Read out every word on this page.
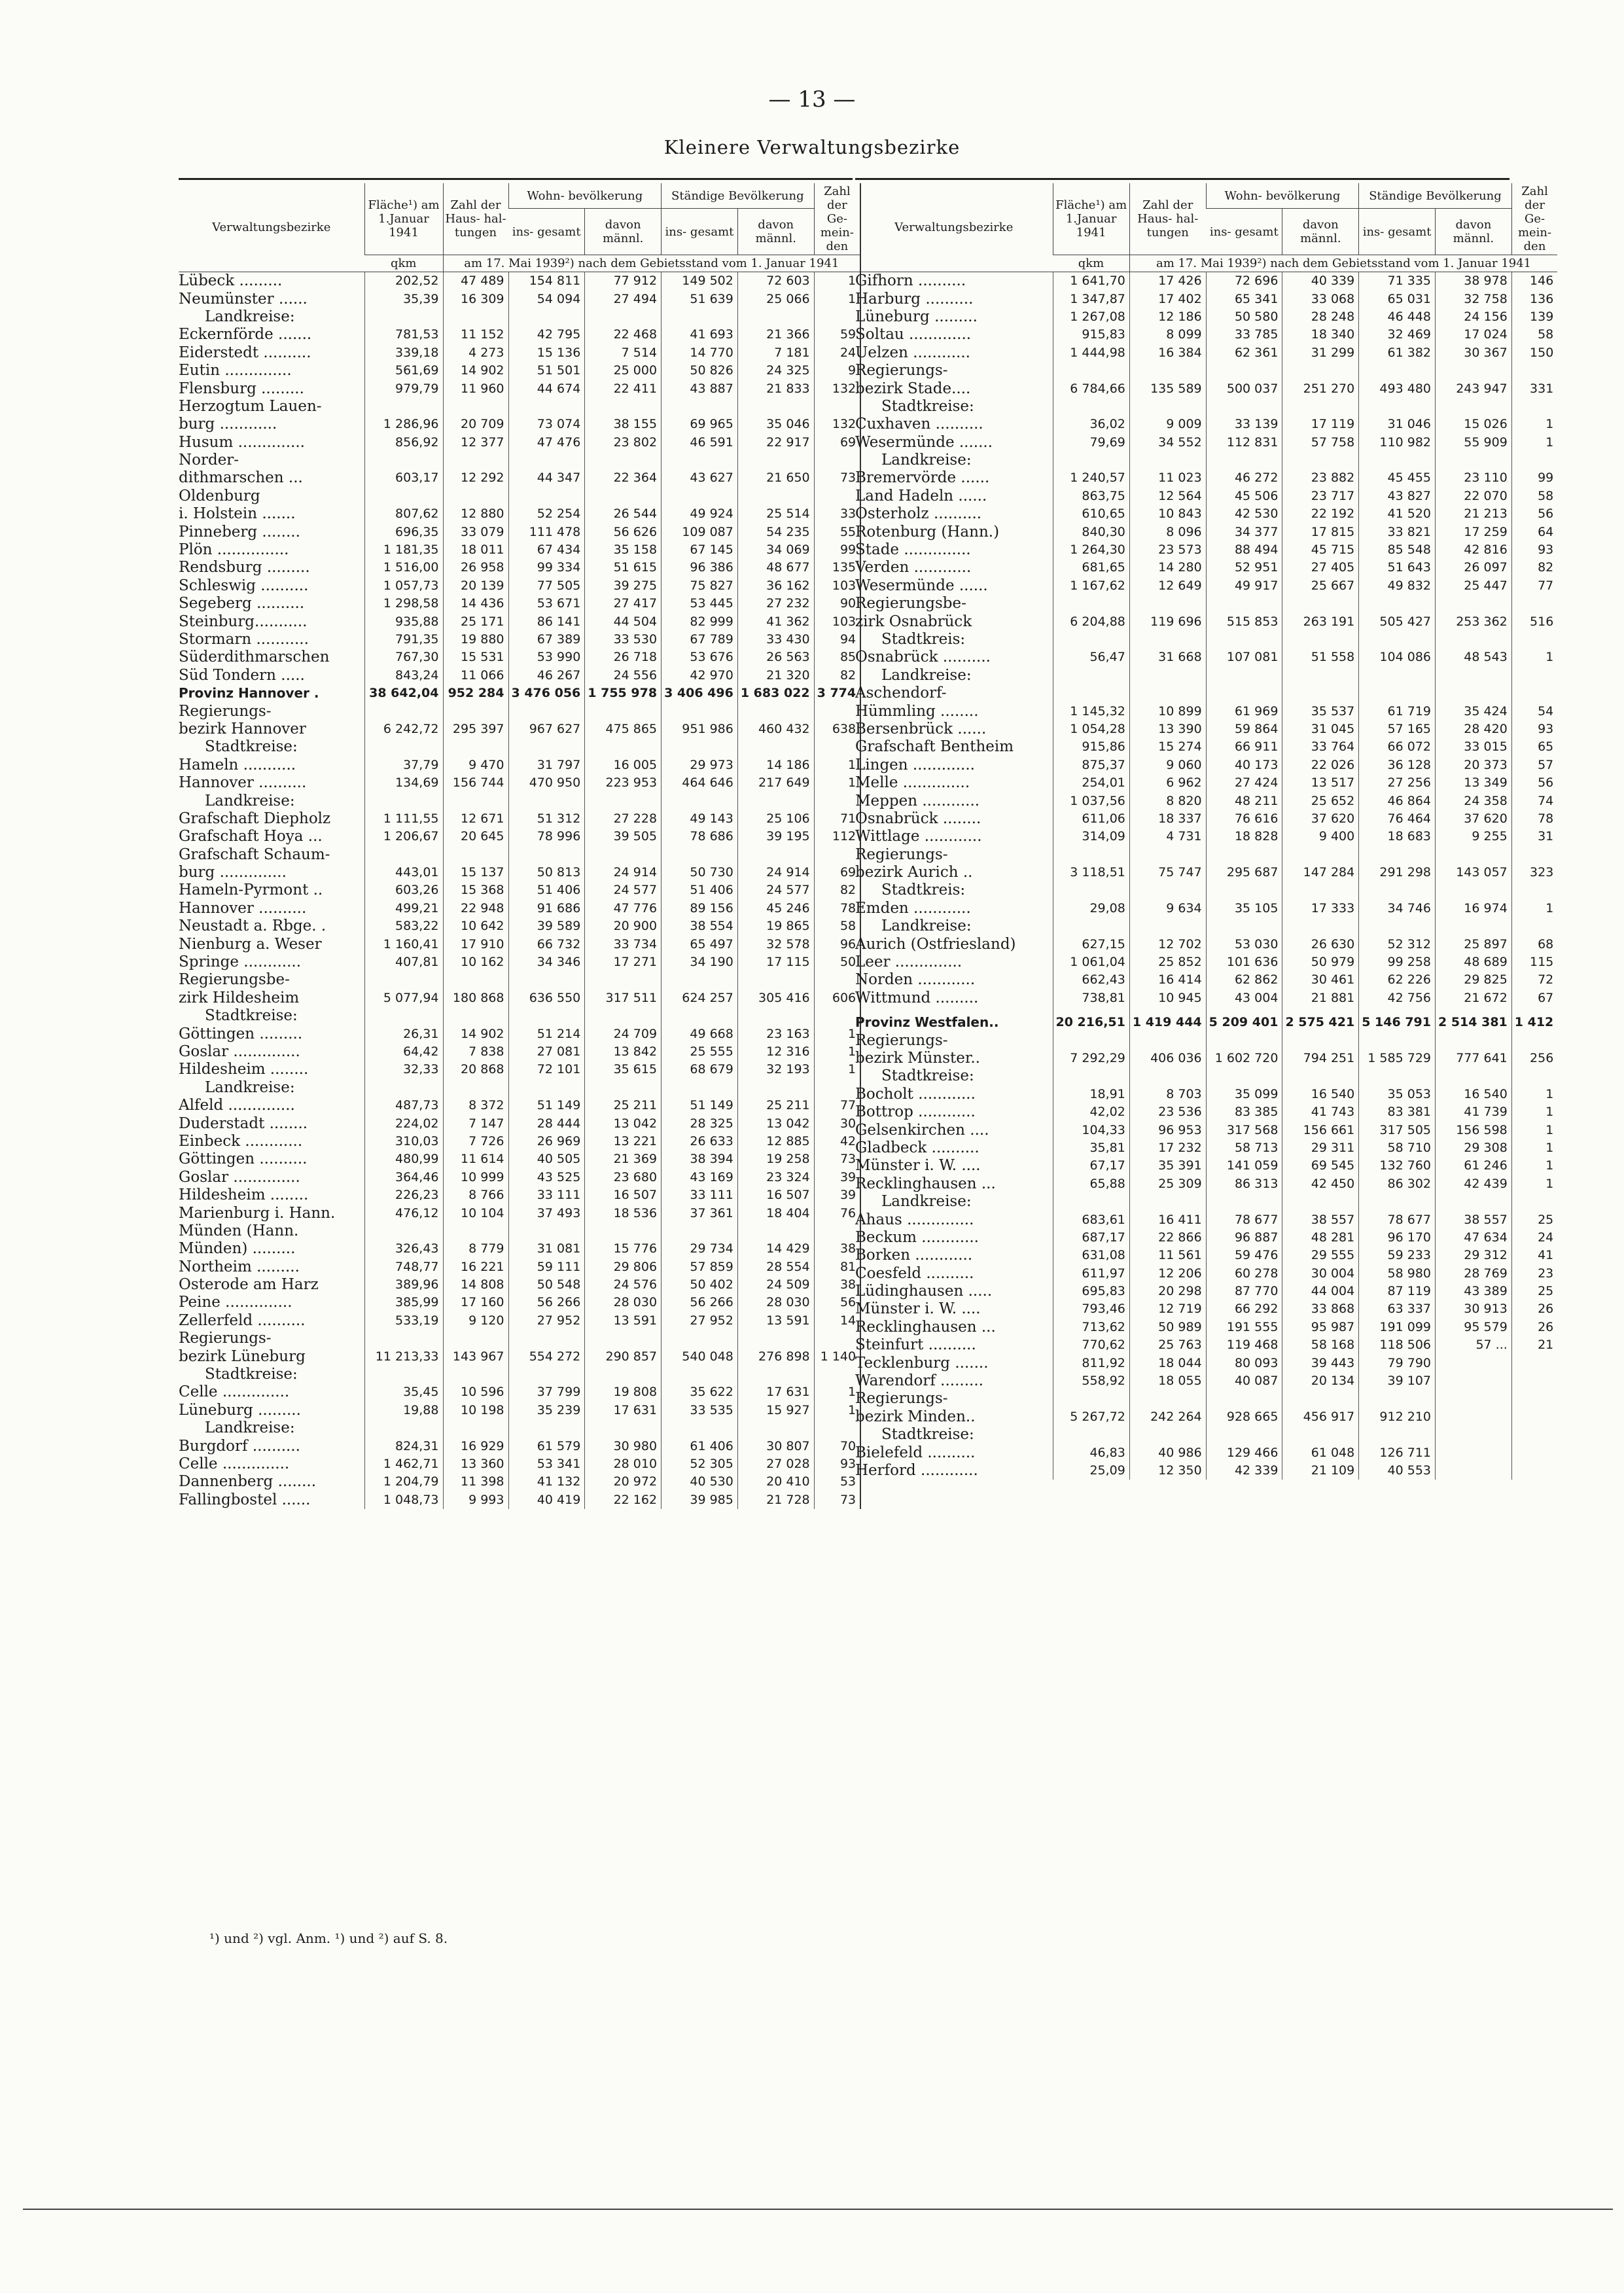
— 13 —
Kleinere Verwaltungsbezirke
Verwaltungsbezirke	Fläche¹) am 1.Januar 1941	Zahl der Haus- hal- tungen	Wohn- bevölkerung		Ständige Bevölkerung		Zahl der Ge- mein- den
			ins- gesamt	davon männl.	ins- gesamt	davon männl.	
	qkm	am 17. Mai 1939²) nach dem Gebietsstand vom 1. Januar 1941					
Lübeck .........	202,52	47 489	154 811	77 912	149 502	72 603	1
Neumünster ......	35,39	16 309	54 094	27 494	51 639	25 066	1
Landkreise:							
Eckernförde .......	781,53	11 152	42 795	22 468	41 693	21 366	59
Eiderstedt ..........	339,18	4 273	15 136	7 514	14 770	7 181	24
Eutin ..............	561,69	14 902	51 501	25 000	50 826	24 325	9
Flensburg .........	979,79	11 960	44 674	22 411	43 887	21 833	132
Herzogtum Lauen-							
burg ............	1 286,96	20 709	73 074	38 155	69 965	35 046	132
Husum ..............	856,92	12 377	47 476	23 802	46 591	22 917	69
Norder-							
dithmarschen ...	603,17	12 292	44 347	22 364	43 627	21 650	73
Oldenburg							
i. Holstein .......	807,62	12 880	52 254	26 544	49 924	25 514	33
Pinneberg ........	696,35	33 079	111 478	56 626	109 087	54 235	55
Plön ...............	1 181,35	18 011	67 434	35 158	67 145	34 069	99
Rendsburg .........	1 516,00	26 958	99 334	51 615	96 386	48 677	135
Schleswig ..........	1 057,73	20 139	77 505	39 275	75 827	36 162	103
Segeberg ..........	1 298,58	14 436	53 671	27 417	53 445	27 232	90
Steinburg...........	935,88	25 171	86 141	44 504	82 999	41 362	103
Stormarn ...........	791,35	19 880	67 389	33 530	67 789	33 430	94
Süderdithmarschen	767,30	15 531	53 990	26 718	53 676	26 563	85
Süd Tondern .....	843,24	11 066	46 267	24 556	42 970	21 320	82
Provinz Hannover .	38 642,04	952 284	3 476 056	1 755 978	3 406 496	1 683 022	3 774
Regierungs-							
bezirk Hannover	6 242,72	295 397	967 627	475 865	951 986	460 432	638
Stadtkreise:							
Hameln ...........	37,79	9 470	31 797	16 005	29 973	14 186	1
Hannover ..........	134,69	156 744	470 950	223 953	464 646	217 649	1
Landkreise:							
Grafschaft Diepholz	1 111,55	12 671	51 312	27 228	49 143	25 106	71
Grafschaft Hoya ...	1 206,67	20 645	78 996	39 505	78 686	39 195	112
Grafschaft Schaum-							
burg ..............	443,01	15 137	50 813	24 914	50 730	24 914	69
Hameln-Pyrmont ..	603,26	15 368	51 406	24 577	51 406	24 577	82
Hannover ..........	499,21	22 948	91 686	47 776	89 156	45 246	78
Neustadt a. Rbge. .	583,22	10 642	39 589	20 900	38 554	19 865	58
Nienburg a. Weser	1 160,41	17 910	66 732	33 734	65 497	32 578	96
Springe ............	407,81	10 162	34 346	17 271	34 190	17 115	50
Regierungsbe-							
zirk Hildesheim	5 077,94	180 868	636 550	317 511	624 257	305 416	606
Stadtkreise:							
Göttingen .........	26,31	14 902	51 214	24 709	49 668	23 163	1
Goslar ..............	64,42	7 838	27 081	13 842	25 555	12 316	1
Hildesheim ........	32,33	20 868	72 101	35 615	68 679	32 193	1
Landkreise:							
Alfeld ..............	487,73	8 372	51 149	25 211	51 149	25 211	77
Duderstadt ........	224,02	7 147	28 444	13 042	28 325	13 042	30
Einbeck ............	310,03	7 726	26 969	13 221	26 633	12 885	42
Göttingen ..........	480,99	11 614	40 505	21 369	38 394	19 258	73
Goslar ..............	364,46	10 999	43 525	23 680	43 169	23 324	39
Hildesheim ........	226,23	8 766	33 111	16 507	33 111	16 507	39
Marienburg i. Hann.	476,12	10 104	37 493	18 536	37 361	18 404	76
Münden (Hann.							
Münden) .........	326,43	8 779	31 081	15 776	29 734	14 429	38
Northeim .........	748,77	16 221	59 111	29 806	57 859	28 554	81
Osterode am Harz	389,96	14 808	50 548	24 576	50 402	24 509	38
Peine ..............	385,99	17 160	56 266	28 030	56 266	28 030	56
Zellerfeld ..........	533,19	9 120	27 952	13 591	27 952	13 591	14
Regierungs-							
bezirk Lüneburg	11 213,33	143 967	554 272	290 857	540 048	276 898	1 140
Stadtkreise:							
Celle ..............	35,45	10 596	37 799	19 808	35 622	17 631	1
Lüneburg .........	19,88	10 198	35 239	17 631	33 535	15 927	1
Landkreise:							
Burgdorf ..........	824,31	16 929	61 579	30 980	61 406	30 807	70
Celle ..............	1 462,71	13 360	53 341	28 010	52 305	27 028	93
Dannenberg ........	1 204,79	11 398	41 132	20 972	40 530	20 410	53
Fallingbostel ......	1 048,73	9 993	40 419	22 162	39 985	21 728	73
Verwaltungsbezirke	Fläche¹) am 1.Januar 1941	Zahl der Haus- hal- tungen	Wohn- bevölkerung		Ständige Bevölkerung		Zahl der Ge- mein- den
			ins- gesamt	davon männl.	ins- gesamt	davon männl.	
	qkm	am 17. Mai 1939²) nach dem Gebietsstand vom 1. Januar 1941					
Gifhorn ..........	1 641,70	17 426	72 696	40 339	71 335	38 978	146
Harburg ..........	1 347,87	17 402	65 341	33 068	65 031	32 758	136
Lüneburg .........	1 267,08	12 186	50 580	28 248	46 448	24 156	139
Soltau .............	915,83	8 099	33 785	18 340	32 469	17 024	58
Uelzen ............	1 444,98	16 384	62 361	31 299	61 382	30 367	150
Regierungs-							
bezirk Stade....	6 784,66	135 589	500 037	251 270	493 480	243 947	331
Stadtkreise:							
Cuxhaven ..........	36,02	9 009	33 139	17 119	31 046	15 026	1
Wesermünde .......	79,69	34 552	112 831	57 758	110 982	55 909	1
Landkreise:							
Bremervörde ......	1 240,57	11 023	46 272	23 882	45 455	23 110	99
Land Hadeln ......	863,75	12 564	45 506	23 717	43 827	22 070	58
Osterholz ..........	610,65	10 843	42 530	22 192	41 520	21 213	56
Rotenburg (Hann.)	840,30	8 096	34 377	17 815	33 821	17 259	64
Stade ..............	1 264,30	23 573	88 494	45 715	85 548	42 816	93
Verden ............	681,65	14 280	52 951	27 405	51 643	26 097	82
Wesermünde ......	1 167,62	12 649	49 917	25 667	49 832	25 447	77
Regierungsbe-							
zirk Osnabrück	6 204,88	119 696	515 853	263 191	505 427	253 362	516
Stadtkreis:							
Osnabrück ..........	56,47	31 668	107 081	51 558	104 086	48 543	1
Landkreise:							
Aschendorf-							
Hümmling ........	1 145,32	10 899	61 969	35 537	61 719	35 424	54
Bersenbrück ......	1 054,28	13 390	59 864	31 045	57 165	28 420	93
Grafschaft Bentheim	915,86	15 274	66 911	33 764	66 072	33 015	65
Lingen .............	875,37	9 060	40 173	22 026	36 128	20 373	57
Melle ..............	254,01	6 962	27 424	13 517	27 256	13 349	56
Meppen ............	1 037,56	8 820	48 211	25 652	46 864	24 358	74
Osnabrück ........	611,06	18 337	76 616	37 620	76 464	37 620	78
Wittlage ............	314,09	4 731	18 828	9 400	18 683	9 255	31
Regierungs-							
bezirk Aurich ..	3 118,51	75 747	295 687	147 284	291 298	143 057	323
Stadtkreis:							
Emden ............	29,08	9 634	35 105	17 333	34 746	16 974	1
Landkreise:							
Aurich (Ostfriesland)	627,15	12 702	53 030	26 630	52 312	25 897	68
Leer ..............	1 061,04	25 852	101 636	50 979	99 258	48 689	115
Norden ............	662,43	16 414	62 862	30 461	62 226	29 825	72
Wittmund .........	738,81	10 945	43 004	21 881	42 756	21 672	67

Provinz Westfalen..	20 216,51	1 419 444	5 209 401	2 575 421	5 146 791	2 514 381	1 412
Regierungs-							
bezirk Münster..	7 292,29	406 036	1 602 720	794 251	1 585 729	777 641	256
Stadtkreise:							
Bocholt ............	18,91	8 703	35 099	16 540	35 053	16 540	1
Bottrop ............	42,02	23 536	83 385	41 743	83 381	41 739	1
Gelsenkirchen ....	104,33	96 953	317 568	156 661	317 505	156 598	1
Gladbeck ..........	35,81	17 232	58 713	29 311	58 710	29 308	1
Münster i. W. ....	67,17	35 391	141 059	69 545	132 760	61 246	1
Recklinghausen ...	65,88	25 309	86 313	42 450	86 302	42 439	1
Landkreise:							
Ahaus ..............	683,61	16 411	78 677	38 557	78 677	38 557	25
Beckum ............	687,17	22 866	96 887	48 281	96 170	47 634	24
Borken ............	631,08	11 561	59 476	29 555	59 233	29 312	41
Coesfeld ..........	611,97	12 206	60 278	30 004	58 980	28 769	23
Lüdinghausen .....	695,83	20 298	87 770	44 004	87 119	43 389	25
Münster i. W. ....	793,46	12 719	66 292	33 868	63 337	30 913	26
Recklinghausen ...	713,62	50 989	191 555	95 987	191 099	95 579	26
Steinfurt ..........	770,62	25 763	119 468	58 168	118 506	57 ...	21
Tecklenburg .......	811,92	18 044	80 093	39 443	79 790		
Warendorf .........	558,92	18 055	40 087	20 134	39 107		
Regierungs-							
bezirk Minden..	5 267,72	242 264	928 665	456 917	912 210		
Stadtkreise:							
Bielefeld ..........	46,83	40 986	129 466	61 048	126 711		
Herford ............	25,09	12 350	42 339	21 109	40 553		
¹) und ²) vgl. Anm. ¹) und ²) auf S. 8.
